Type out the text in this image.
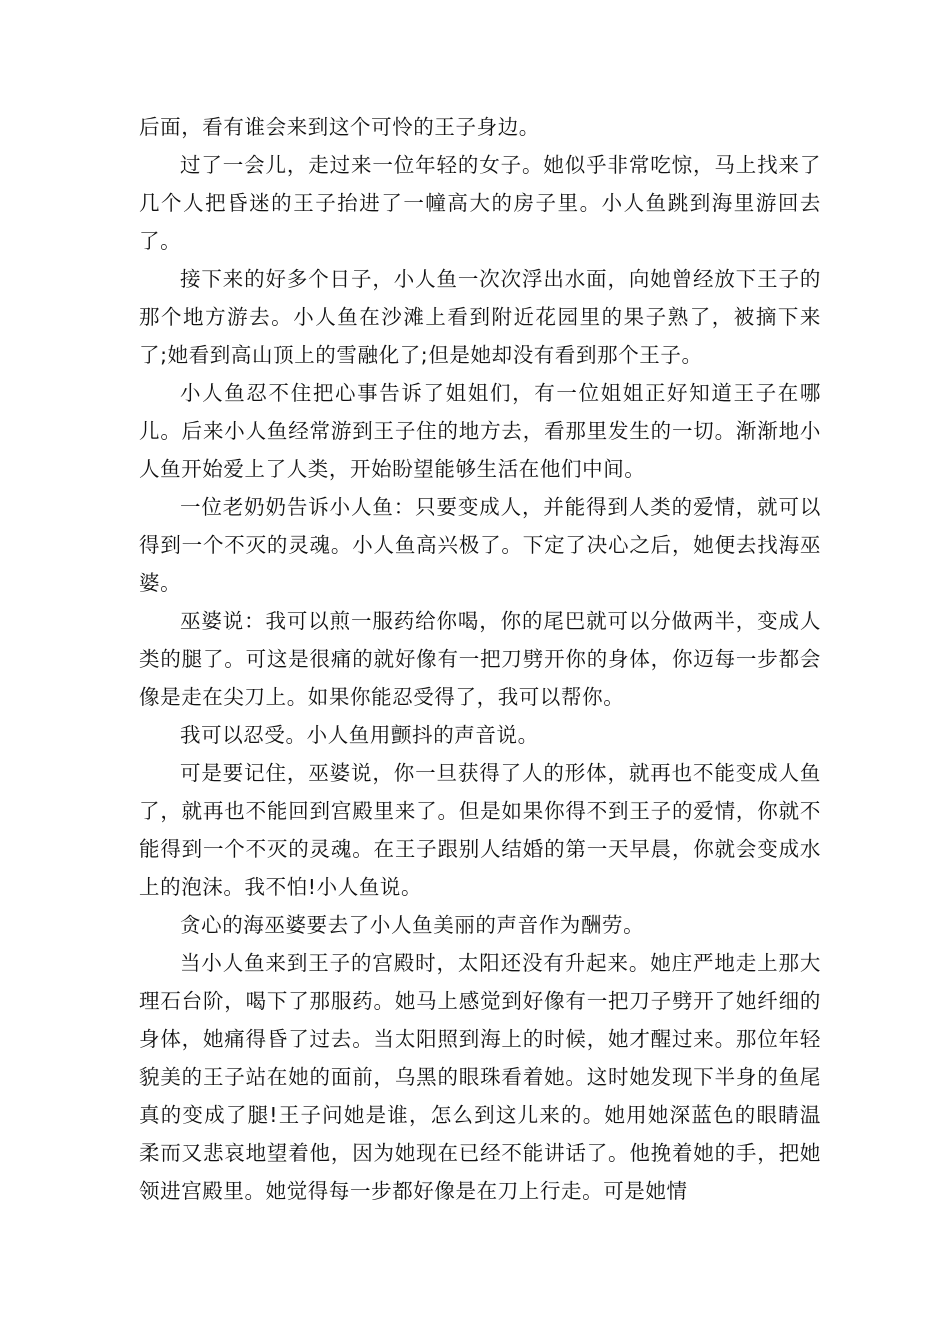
后面，看有谁会来到这个可怜的王子身边。

过了一会儿，走过来一位年轻的女子。她似乎非常吃惊，马上找来了几个人把昏迷的王子抬进了一幢高大的房子里。小人鱼跳到海里游回去了。

接下来的好多个日子，小人鱼一次次浮出水面，向她曾经放下王子的那个地方游去。小人鱼在沙滩上看到附近花园里的果子熟了，被摘下来了;她看到高山顶上的雪融化了;但是她却没有看到那个王子。

小人鱼忍不住把心事告诉了姐姐们，有一位姐姐正好知道王子在哪儿。后来小人鱼经常游到王子住的地方去，看那里发生的一切。渐渐地小人鱼开始爱上了人类，开始盼望能够生活在他们中间。

一位老奶奶告诉小人鱼：只要变成人，并能得到人类的爱情，就可以得到一个不灭的灵魂。小人鱼高兴极了。下定了决心之后，她便去找海巫婆。

巫婆说：我可以煎一服药给你喝，你的尾巴就可以分做两半，变成人类的腿了。可这是很痛的就好像有一把刀劈开你的身体，你迈每一步都会像是走在尖刀上。如果你能忍受得了，我可以帮你。

我可以忍受。小人鱼用颤抖的声音说。

可是要记住，巫婆说，你一旦获得了人的形体，就再也不能变成人鱼了，就再也不能回到宫殿里来了。但是如果你得不到王子的爱情，你就不能得到一个不灭的灵魂。在王子跟别人结婚的第一天早晨，你就会变成水上的泡沫。我不怕!小人鱼说。

贪心的海巫婆要去了小人鱼美丽的声音作为酬劳。

当小人鱼来到王子的宫殿时，太阳还没有升起来。她庄严地走上那大理石台阶，喝下了那服药。她马上感觉到好像有一把刀子劈开了她纤细的身体，她痛得昏了过去。当太阳照到海上的时候，她才醒过来。那位年轻貌美的王子站在她的面前，乌黑的眼珠看着她。这时她发现下半身的鱼尾真的变成了腿!王子问她是谁，怎么到这儿来的。她用她深蓝色的眼睛温柔而又悲哀地望着他，因为她现在已经不能讲话了。他挽着她的手，把她领进宫殿里。她觉得每一步都好像是在刀上行走。可是她情
